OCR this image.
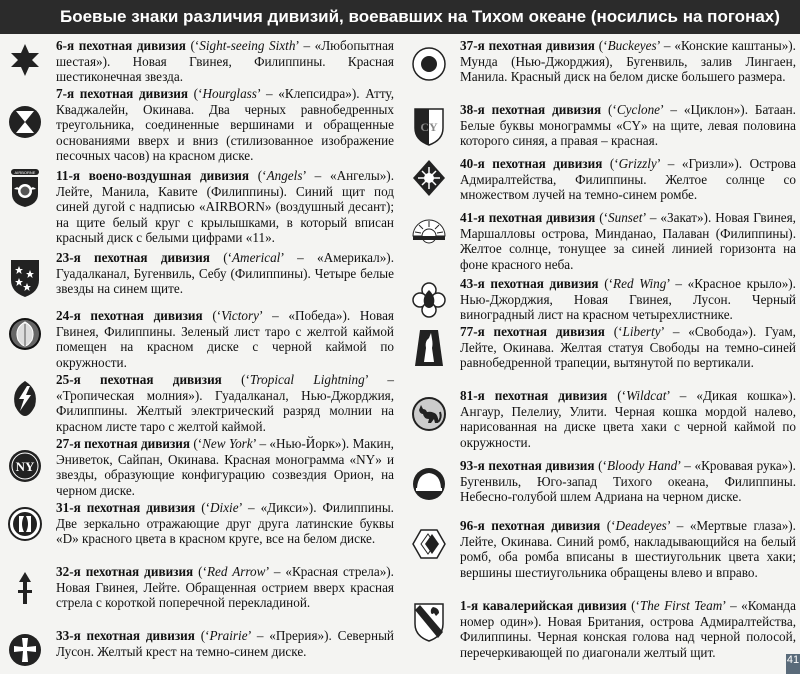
Боевые знаки различия дивизий, воевавших на Тихом океане (носились на погонах)
6-я пехотная дивизия (‘Sight-seeing Sixth’ – «Любопытная шестая»). Новая Гвинея, Филиппины. Красная шестиконечная звезда.
7-я пехотная дивизия (‘Hourglass’ – «Клепсидра»). Атту, Кваджалейн, Окинава. Два черных равнобедренных треугольника, соединенные вершинами и обращенные основаниями вверх и вниз (стилизованное изображение песочных часов) на красном диске.
AIRBORNE 11-я воено-воздушная дивизия (‘Angels’ – «Ангелы»). Лейте, Манила, Кавите (Филиппины). Синий щит под синей дугой с надписью «AIRBORN» (воздушный десант); на щите белый круг с крылышками, в который вписан красный диск с белыми цифрами «11».
23-я пехотная дивизия (‘Americal’ – «Америкал»). Гуадалканал, Бугенвиль, Себу (Филиппины). Четыре белые звезды на синем щите.
24-я пехотная дивизия (‘Victory’ – «Победа»). Новая Гвинея, Филиппины. Зеленый лист таро с желтой каймой помещен на красном диске с черной каймой по окружности.
25-я пехотная дивизия (‘Tropical Lightning’ – «Тропическая молния»). Гуадалканал, Нью-Джорджия, Филиппины. Желтый электрический разряд молнии на красном листе таро с желтой каймой.
NY
27-я пехотная дивизия (‘New York’ – «Нью-Йорк»). Макин, Эниветок, Сайпан, Окинава. Красная монограмма «NY» и звезды, образующие конфигурацию созвездия Орион, на черном диске.
31-я пехотная дивизия (‘Dixie’ – «Дикси»). Филиппины. Две зеркально отражающие друг друга латинские буквы «D» красного цвета в красном круге, все на белом диске.
32-я пехотная дивизия (‘Red Arrow’ – «Красная стрела»). Новая Гвинея, Лейте. Обращенная острием вверх красная стрела с короткой поперечной перекладиной.
33-я пехотная дивизия (‘Prairie’ – «Прерия»). Северный Лусон. Желтый крест на темно-синем диске.
37-я пехотная дивизия (‘Buckeyes’ – «Конские каштаны»). Мунда (Нью-Джорджия), Бугенвиль, залив Лингаен, Манила. Красный диск на белом диске большего размера.
CY
38-я пехотная дивизия (‘Cyclone’ – «Циклон»). Батаан. Белые буквы монограммы «CY» на щите, левая половина которого синяя, а правая – красная.
40-я пехотная дивизия (‘Grizzly’ – «Гризли»). Острова Адмиралтейства, Филиппины. Желтое солнце со множеством лучей на темно-синем ромбе.
41-я пехотная дивизия (‘Sunset’ – «Закат»). Новая Гвинея, Маршалловы острова, Минданао, Палаван (Филиппины). Желтое солнце, тонущее за синей линией горизонта на фоне красного неба.
43-я пехотная дивизия (‘Red Wing’ – «Красное крыло»). Нью-Джорджия, Новая Гвинея, Лусон. Черный виноградный лист на красном четырехлистнике.
77-я пехотная дивизия (‘Liberty’ – «Свобода»). Гуам, Лейте, Окинава. Желтая статуя Свободы на темно-синей равнобедренной трапеции, вытянутой по вертикали.
81-я пехотная дивизия (‘Wildcat’ – «Дикая кошка»). Ангаур, Пелелиу, Улити. Черная кошка мордой налево, нарисованная на диске цвета хаки с черной каймой по окружности.
93-я пехотная дивизия (‘Bloody Hand’ – «Кровавая рука»). Бугенвиль, Юго-запад Тихого океана, Филиппины. Небесно-голубой шлем Адриана на черном диске.
96-я пехотная дивизия (‘Deadeyes’ – «Мертвые глаза»). Лейте, Окинава. Синий ромб, накладывающийся на белый ромб, оба ромба вписаны в шестиугольник цвета хаки; вершины шестиугольника обращены влево и вправо.
1-я кавалерийская дивизия (‘The First Team’ – «Команда номер один»). Новая Британия, острова Адмиралтейства, Филиппины. Черная конская голова над черной полосой, перечеркивающей по диагонали желтый щит.
41
